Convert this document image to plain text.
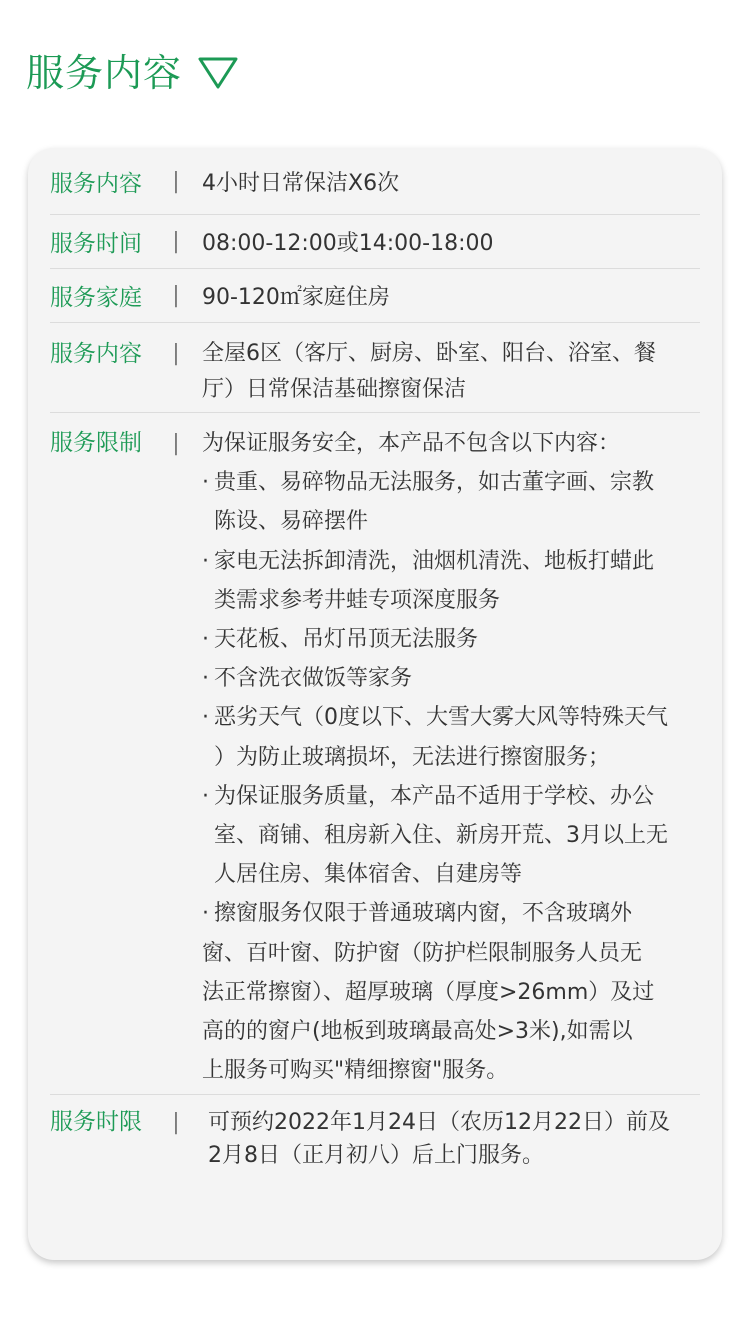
服务内容
服务内容	|	4小时日常保洁X6次
服务时间	|	08:00-12:00或14:00-18:00
服务家庭	|	90-120㎡家庭住房
服务内容	|	全屋6区（客厅、厨房、卧室、阳台、浴室、餐
厅）日常保洁基础擦窗保洁
服务限制	|	为保证服务安全，本产品不包含以下内容：
· 贵重、易碎物品无法服务，如古董字画、宗教
陈设、易碎摆件
· 家电无法拆卸清洗，油烟机清洗、地板打蜡此
类需求参考井蛙专项深度服务
· 天花板、吊灯吊顶无法服务
· 不含洗衣做饭等家务
· 恶劣天气（0度以下、大雪大雾大风等特殊天气
）为防止玻璃损坏，无法进行擦窗服务；
· 为保证服务质量，本产品不适用于学校、办公
室、商铺、租房新入住、新房开荒、3月以上无
人居住房、集体宿舍、自建房等
· 擦窗服务仅限于普通玻璃内窗，不含玻璃外
窗、百叶窗、防护窗（防护栏限制服务人员无
法正常擦窗）、超厚玻璃（厚度>26mm）及过
高的的窗户(地板到玻璃最高处>3米),如需以
上服务可购买"精细擦窗"服务。
服务时限	|	可预约2022年1月24日（农历12月22日）前及
2月8日（正月初八）后上门服务。
